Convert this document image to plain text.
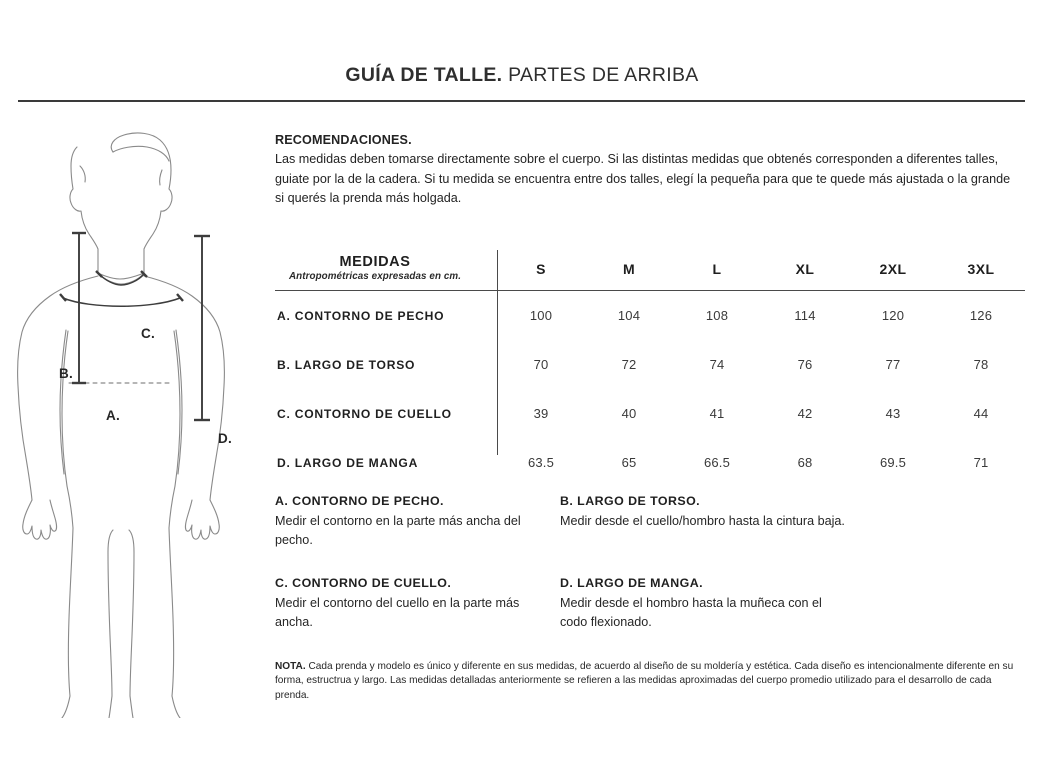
GUÍA DE TALLE. PARTES DE ARRIBA
A.
B.
C.
D.
RECOMENDACIONES.
Las medidas deben tomarse directamente sobre el cuerpo. Si las distintas medidas que obtenés corresponden a diferentes talles, guiate por la de la cadera. Si tu medida se encuentra entre dos talles, elegí la pequeña para que te quede más ajustada o la grande si querés la prenda más holgada.
MEDIDAS
Antropométricas expresadas en cm.	S	M	L	XL	2XL	3XL

A. CONTORNO DE PECHO	100	104	108	114	120	126
B. LARGO DE TORSO	70	72	74	76	77	78
C. CONTORNO DE CUELLO	39	40	41	42	43	44
D. LARGO DE MANGA	63.5	65	66.5	68	69.5	71
A. CONTORNO DE PECHO.
Medir el contorno en la parte más ancha del pecho.
B. LARGO DE TORSO.
Medir desde el cuello/hombro hasta la cintura baja.
C. CONTORNO DE CUELLO.
Medir el contorno del cuello en la parte más ancha.
D. LARGO DE MANGA.
Medir desde el hombro hasta la muñeca con el codo flexionado.
NOTA. Cada prenda y modelo es único y diferente en sus medidas, de acuerdo al diseño de su moldería y estética. Cada diseño es intencionalmente diferente en su forma, estructrua y largo. Las medidas detalladas anteriormente se refieren a las medidas aproximadas del cuerpo promedio utilizado para el desarrollo de cada prenda.
